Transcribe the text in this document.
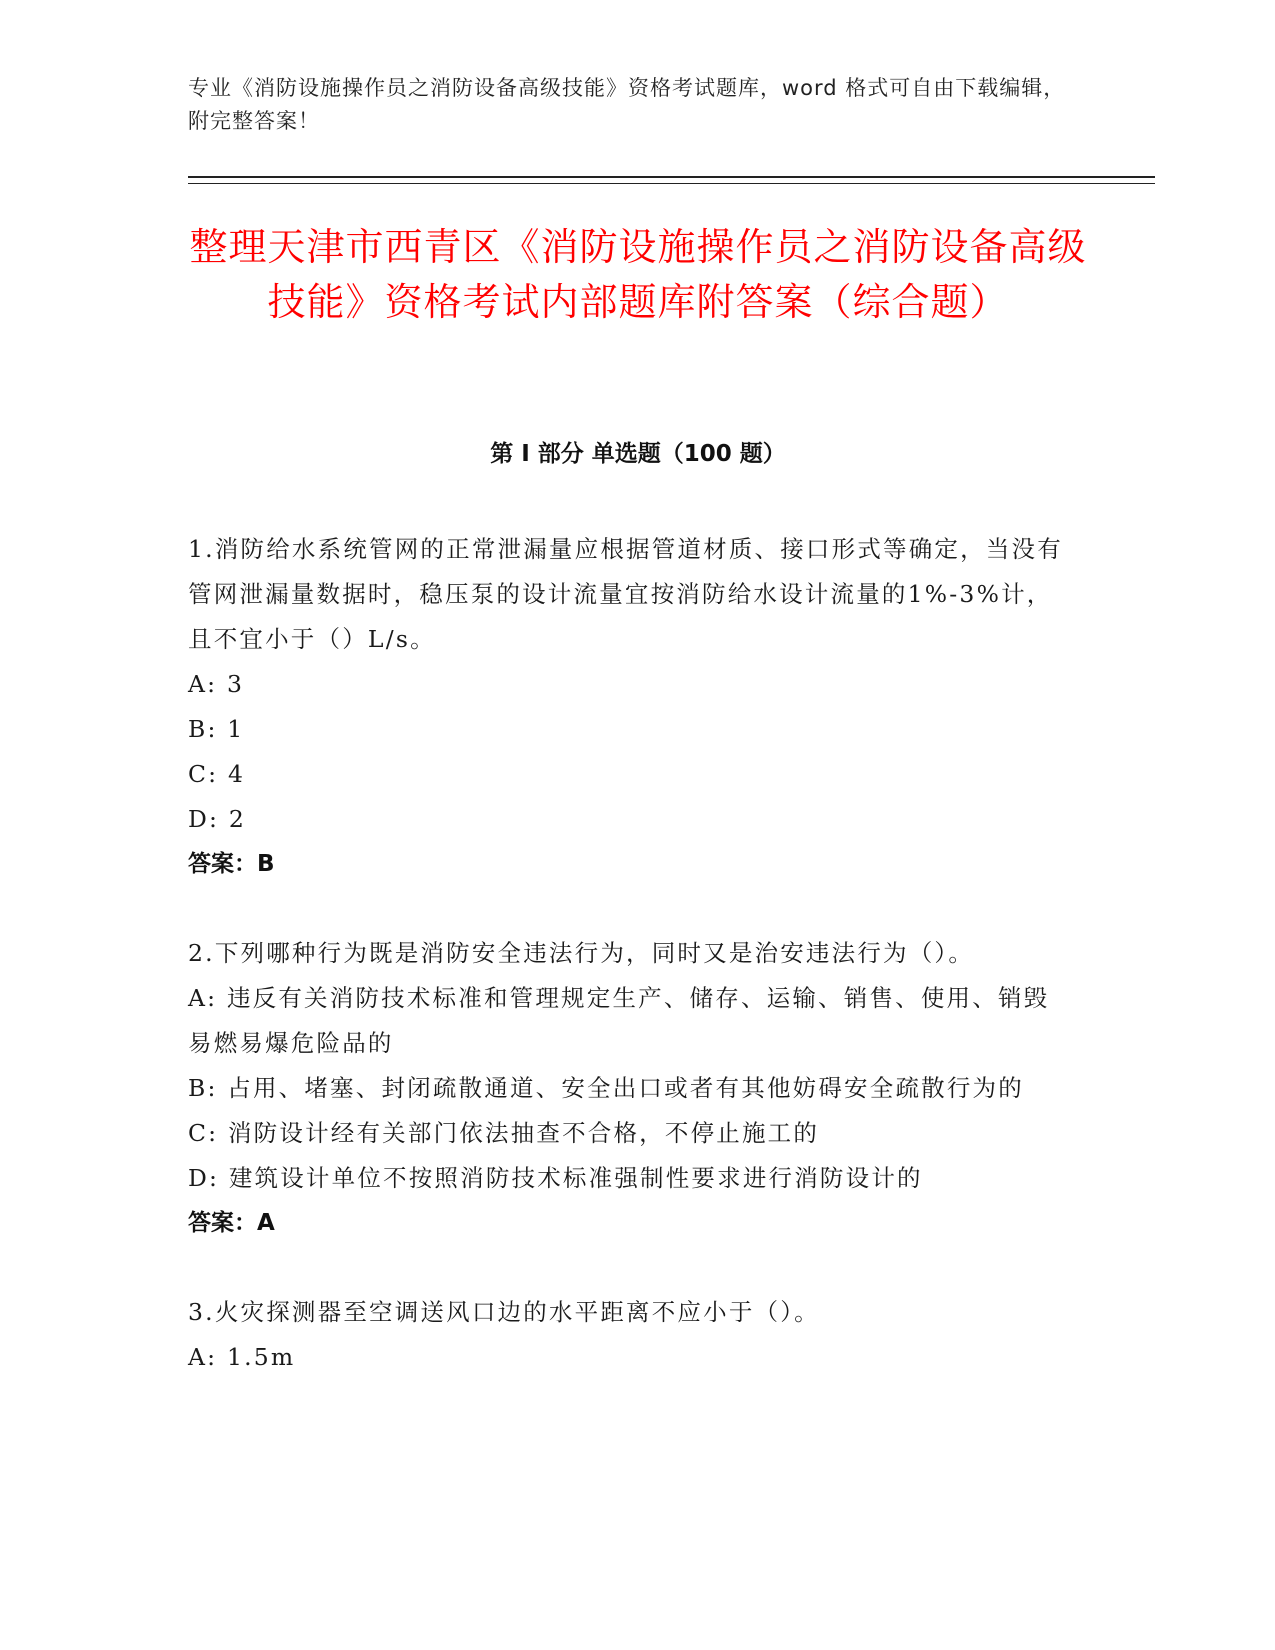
专业《消防设施操作员之消防设备高级技能》资格考试题库，word 格式可自由下载编辑，附完整答案！
整理天津市西青区《消防设施操作员之消防设备高级技能》资格考试内部题库附答案（综合题）
第 I 部分 单选题（100 题）
1.消防给水系统管网的正常泄漏量应根据管道材质、接口形式等确定，当没有管网泄漏量数据时，稳压泵的设计流量宜按消防给水设计流量的1%-3%计，且不宜小于（）L/s。
A: 3
B: 1
C: 4
D: 2
答案：B
2.下列哪种行为既是消防安全违法行为，同时又是治安违法行为（）。
A: 违反有关消防技术标准和管理规定生产、储存、运输、销售、使用、销毁易燃易爆危险品的
B: 占用、堵塞、封闭疏散通道、安全出口或者有其他妨碍安全疏散行为的
C: 消防设计经有关部门依法抽查不合格，不停止施工的
D: 建筑设计单位不按照消防技术标准强制性要求进行消防设计的
答案：A
3.火灾探测器至空调送风口边的水平距离不应小于（）。
A: 1.5m
